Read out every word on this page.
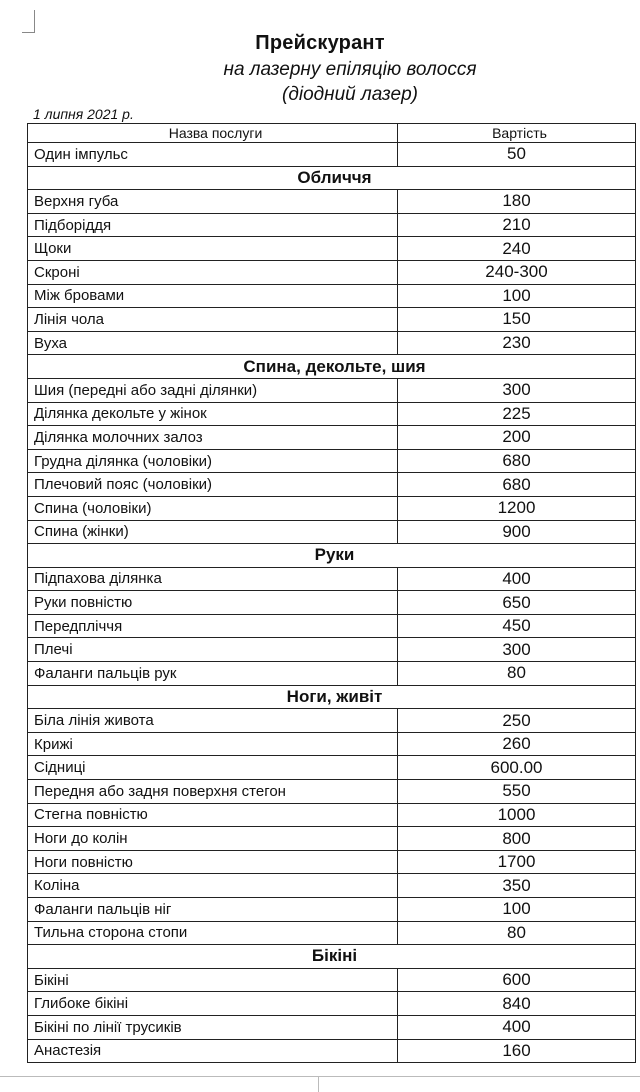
Прейскурант
на лазерну епіляцію волосся
(діодний лазер)
1 липня 2021 р.
Назва послуги	Вартість
Один імпульс	50
Обличчя	
Верхня губа	180
Підборіддя	210
Щоки	240
Скроні	240-300
Між бровами	100
Лінія чола	150
Вуха	230
Спина, декольте, шия	
Шия (передні або задні ділянки)	300
Ділянка декольте у жінок	225
Ділянка молочних залоз	200
Грудна ділянка (чоловіки)	680
Плечовий пояс (чоловіки)	680
Спина (чоловіки)	1200
Спина (жінки)	900
Руки	
Підпахова ділянка	400
Руки повністю	650
Передпліччя	450
Плечі	300
Фаланги пальців рук	80
Ноги, живіт	
Біла лінія живота	250
Крижі	260
Сідниці	600.00
Передня або задня поверхня стегон	550
Стегна повністю	1000
Ноги до колін	800
Ноги повністю	1700
Коліна	350
Фаланги пальців ніг	100
Тильна сторона стопи	80
Бікіні	
Бікіні	600
Глибоке бікіні	840
Бікіні по лінії трусиків	400
Анастезія	160
